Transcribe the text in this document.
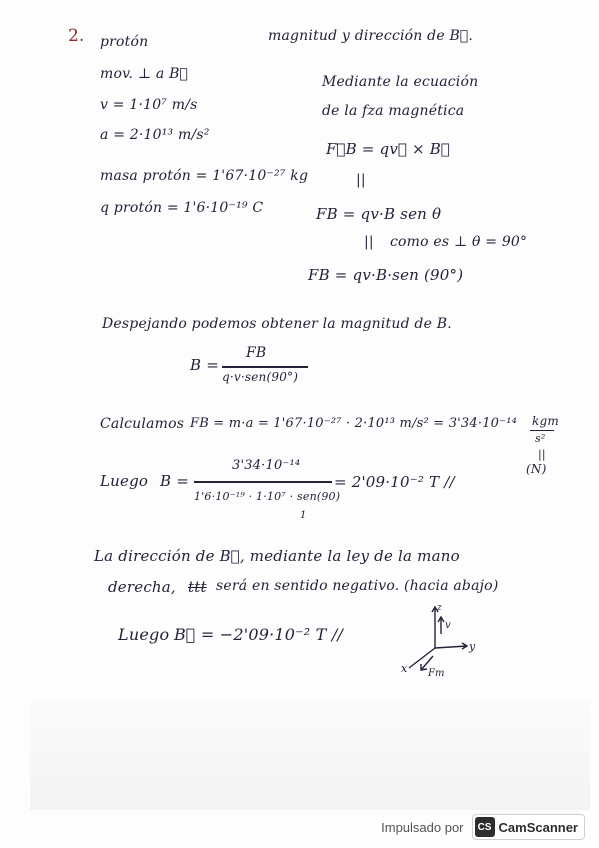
2. protón
mov. ⊥ a B⃗
v = 1·10⁷ m/s
a = 2·10¹³ m/s²
masa protón = 1'67·10⁻²⁷ kg
q protón = 1'6·10⁻¹⁹ C
magnitud y dirección de B⃗.
Mediante la ecuación
de la fza magnética
F⃗B = qv⃗ × B⃗
||
FB = qv·B sen θ
|| como es ⊥ θ = 90°
FB = qv·B·sen (90°)
Despejando podemos obtener la magnitud de B.
B =
FB
q·v·sen(90°)
Calculamos FB = m·a = 1'67·10⁻²⁷ · 2·10¹³ m/s² = 3'34·10⁻¹⁴ kgm
s²
||
(N)
Luego B =
3'34·10⁻¹⁴
1'6·10⁻¹⁹ · 1·10⁷ · sen(90)
1
= 2'09·10⁻² T //
La dirección de B⃗, mediante la ley de la mano
derecha, ttt será en sentido negativo. (hacia abajo)
Luego B⃗ = −2'09·10⁻² T //
z
v
y
x Fm
Impulsado por	CS CamScanner
